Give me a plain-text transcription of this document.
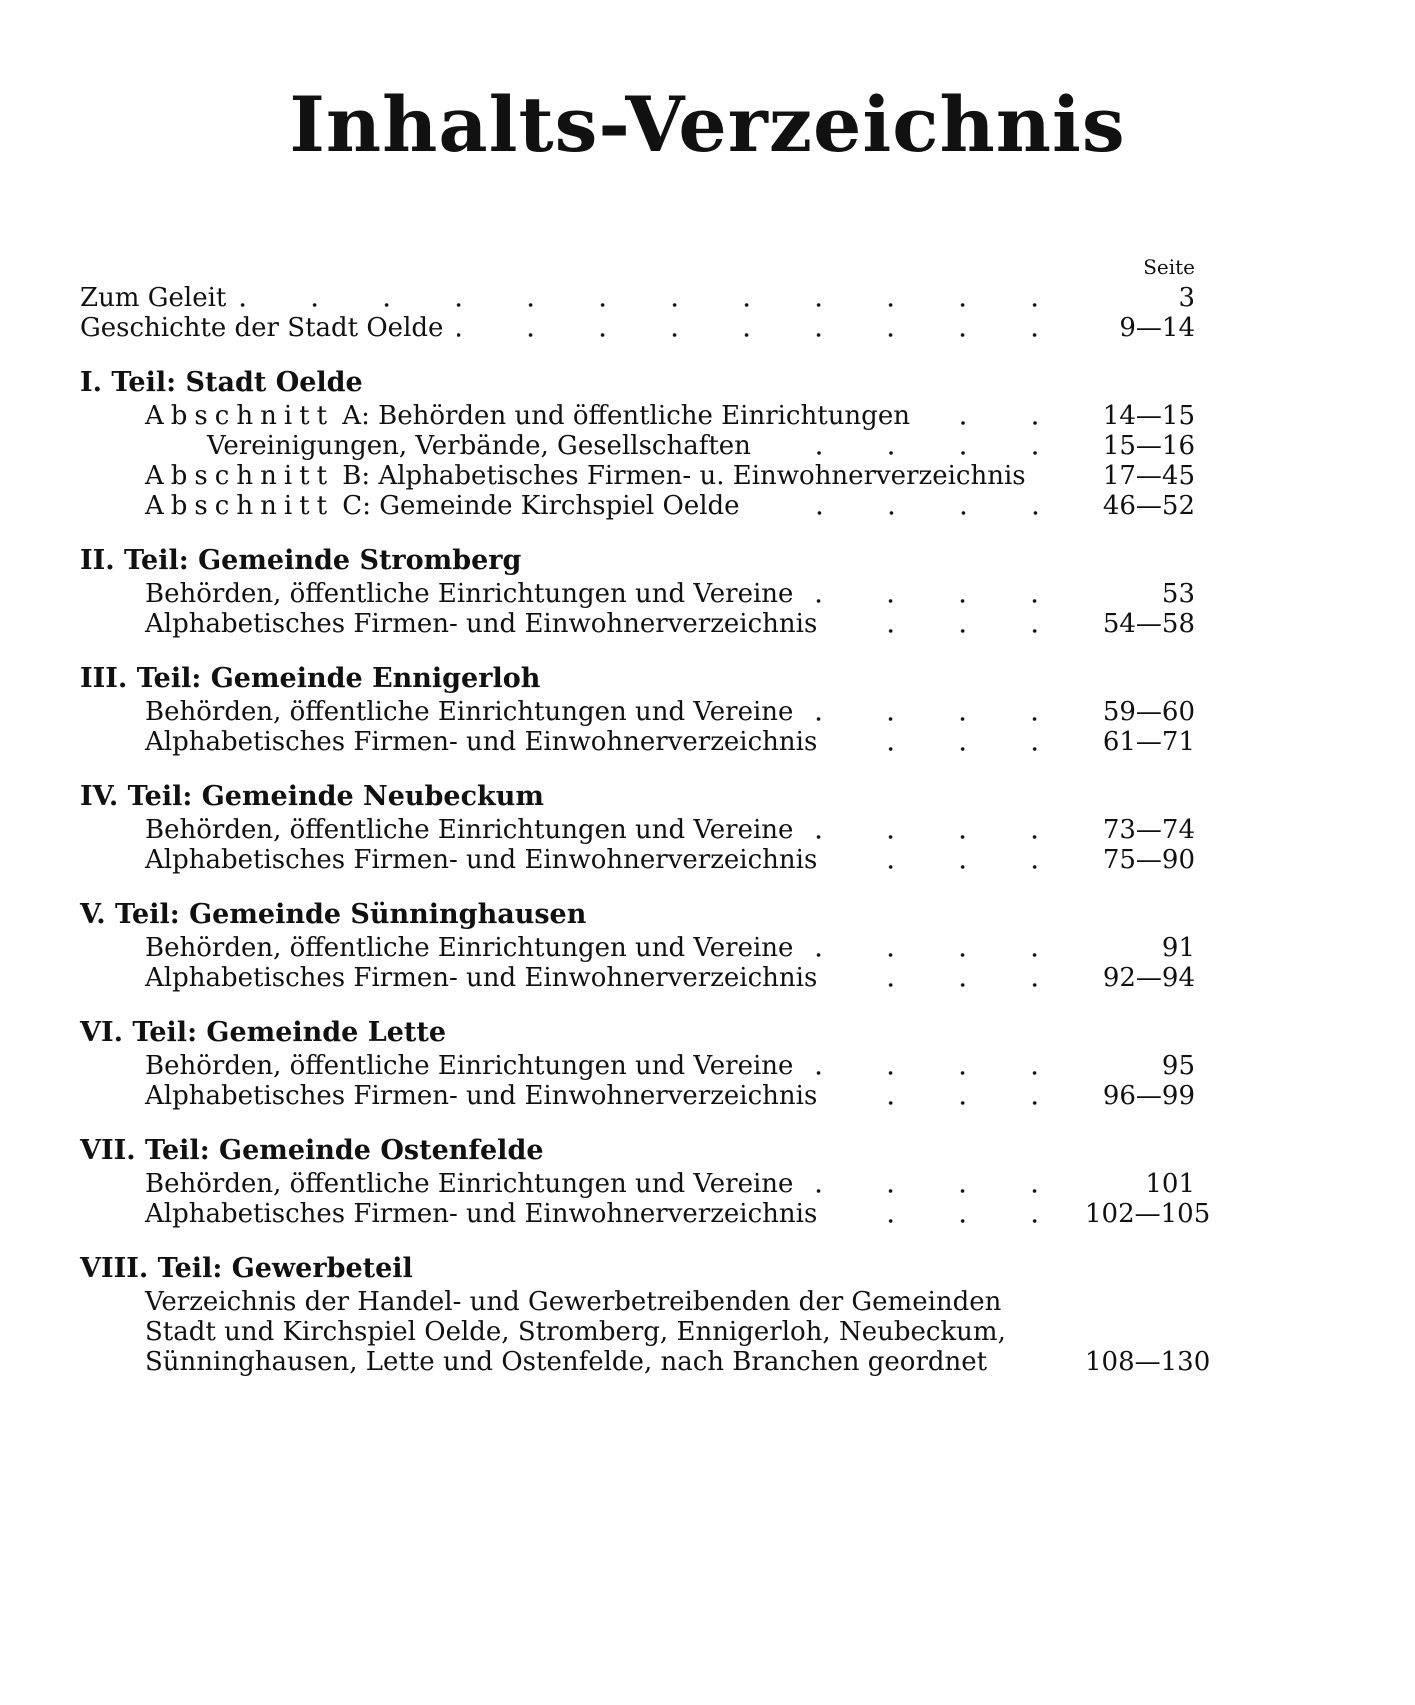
Inhalts-Verzeichnis
Seite
Zum Geleit	3
Geschichte der Stadt Oelde	9—14
I. Teil: Stadt Oelde
Abschnitt A: Behörden und öffentliche Einrichtungen	14—15
Vereinigungen, Verbände, Gesellschaften	15—16
Abschnitt B: Alphabetisches Firmen- u. Einwohnerverzeichnis	17—45
Abschnitt C: Gemeinde Kirchspiel Oelde	46—52
II. Teil: Gemeinde Stromberg
Behörden, öffentliche Einrichtungen und Vereine	53
Alphabetisches Firmen- und Einwohnerverzeichnis	54—58
III. Teil: Gemeinde Ennigerloh
Behörden, öffentliche Einrichtungen und Vereine	59—60
Alphabetisches Firmen- und Einwohnerverzeichnis	61—71
IV. Teil: Gemeinde Neubeckum
Behörden, öffentliche Einrichtungen und Vereine	73—74
Alphabetisches Firmen- und Einwohnerverzeichnis	75—90
V. Teil: Gemeinde Sünninghausen
Behörden, öffentliche Einrichtungen und Vereine	91
Alphabetisches Firmen- und Einwohnerverzeichnis	92—94
VI. Teil: Gemeinde Lette
Behörden, öffentliche Einrichtungen und Vereine	95
Alphabetisches Firmen- und Einwohnerverzeichnis	96—99
VII. Teil: Gemeinde Ostenfelde
Behörden, öffentliche Einrichtungen und Vereine	101
Alphabetisches Firmen- und Einwohnerverzeichnis	102—105
VIII. Teil: Gewerbeteil
Verzeichnis der Handel- und Gewerbetreibenden der Gemeinden
Stadt und Kirchspiel Oelde, Stromberg, Ennigerloh, Neubeckum,
Sünninghausen, Lette und Ostenfelde, nach Branchen geordnet	108—130
